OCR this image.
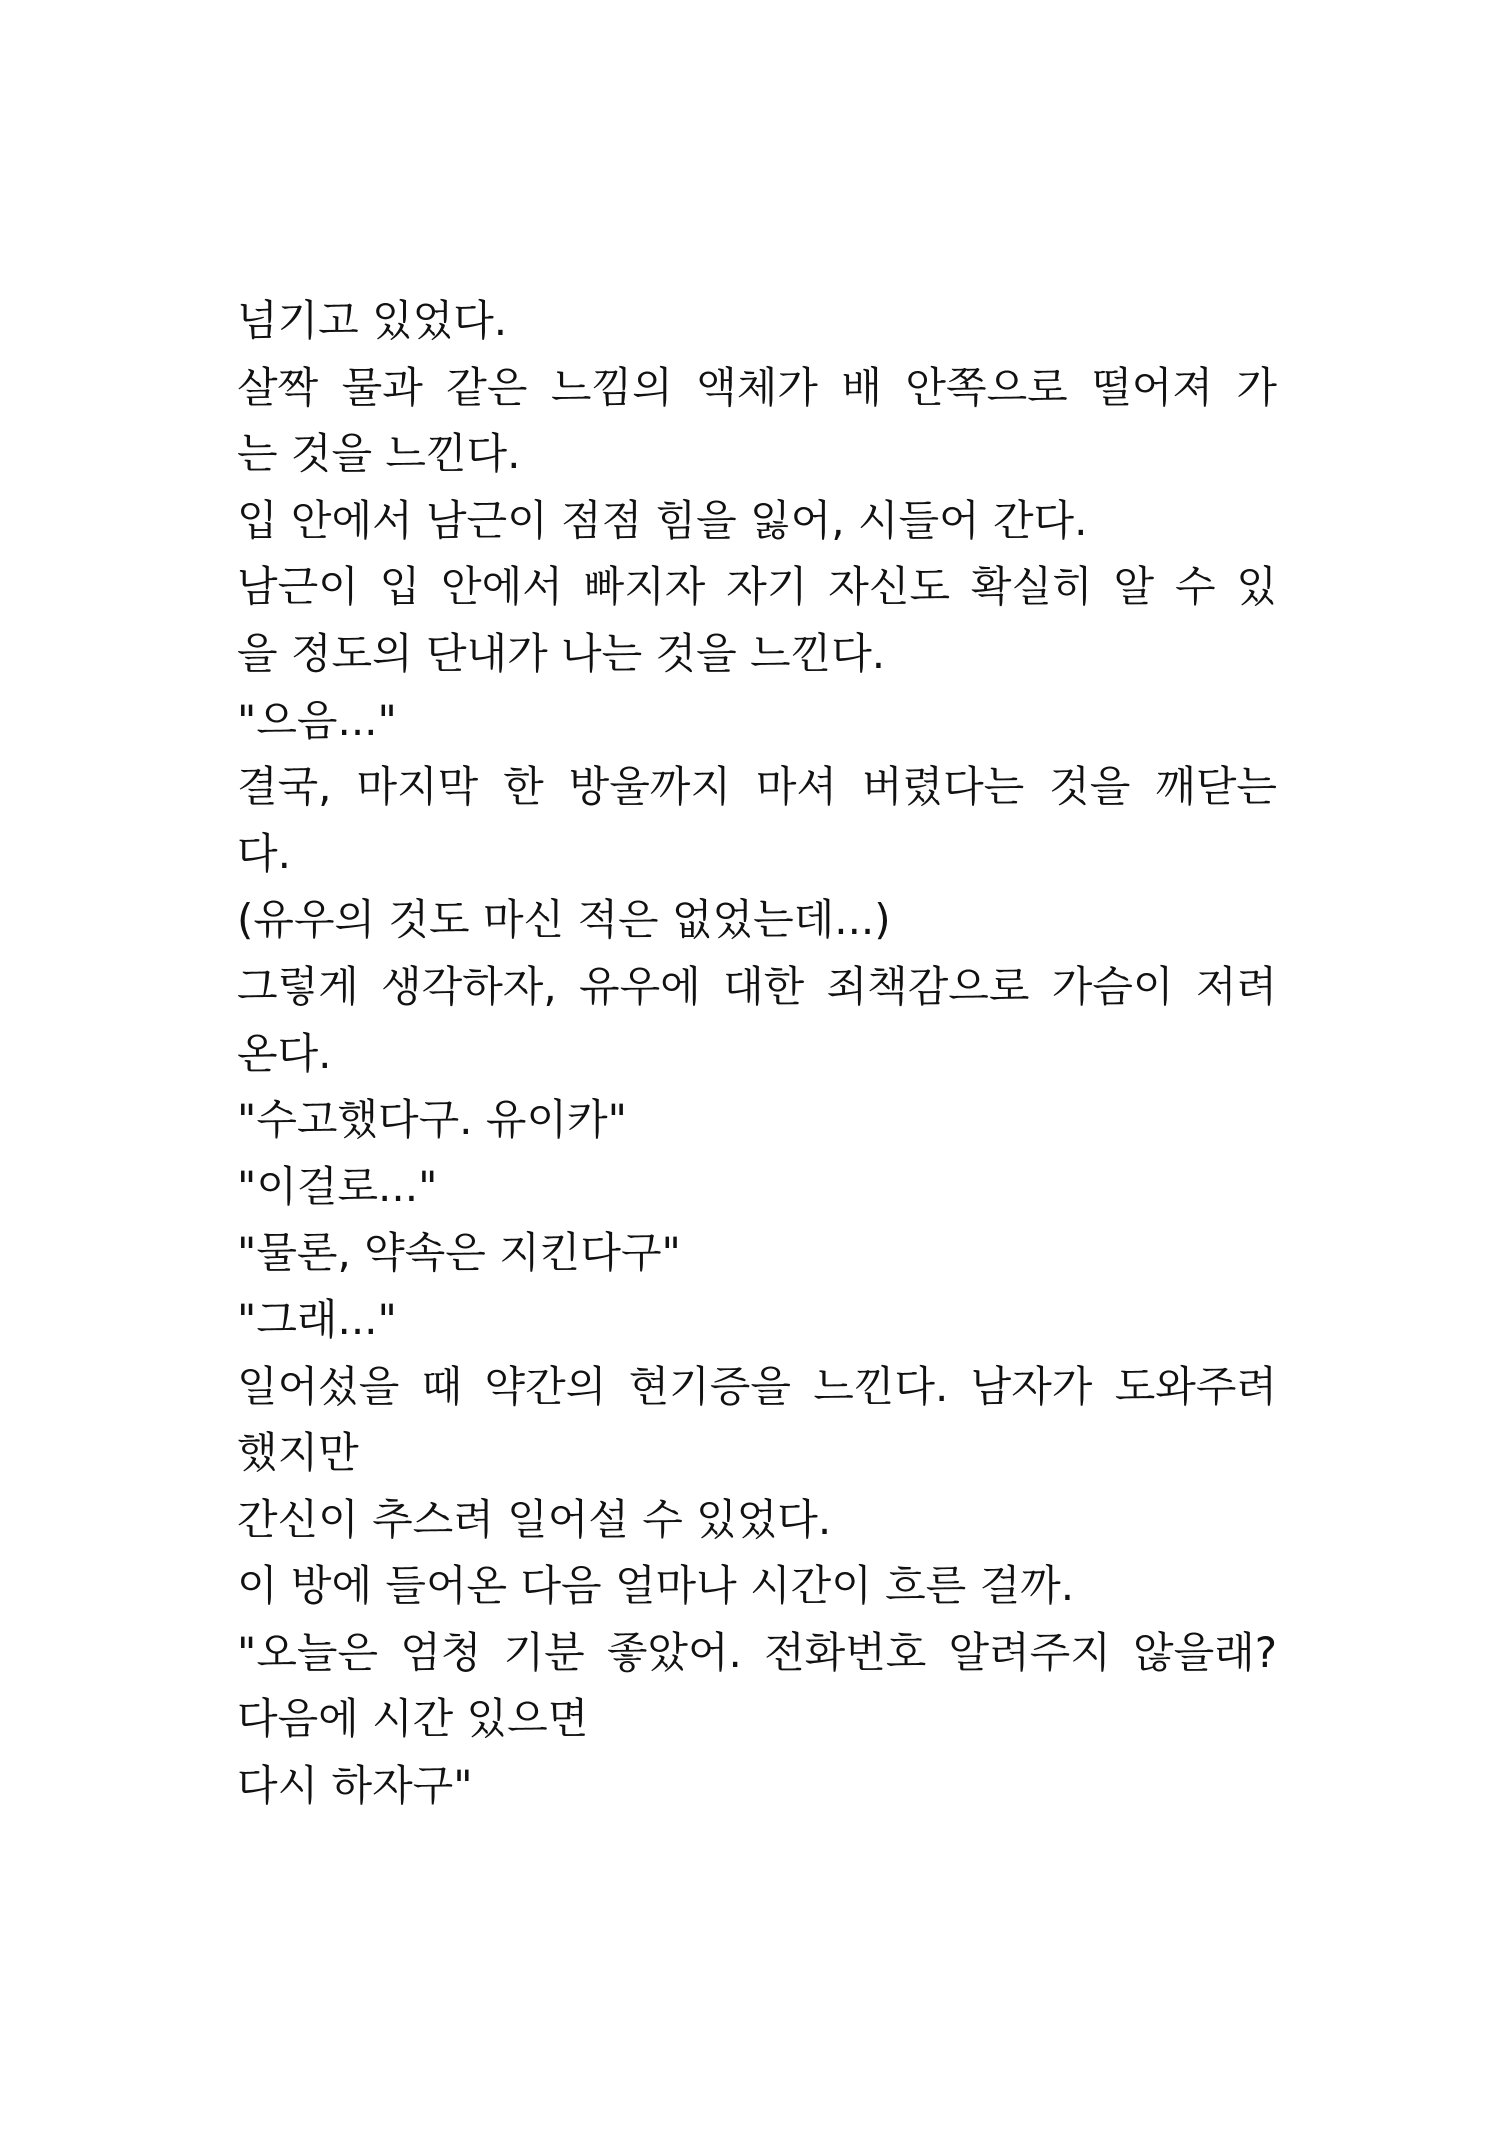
넘기고 있었다.
살짝 물과 같은 느낌의 액체가 배 안쪽으로 떨어져 가
는 것을 느낀다.
입 안에서 남근이 점점 힘을 잃어, 시들어 간다.
남근이 입 안에서 빠지자 자기 자신도 확실히 알 수 있
을 정도의 단내가 나는 것을 느낀다.
"으음..."
결국, 마지막 한 방울까지 마셔 버렸다는 것을 깨닫는
다.
(유우의 것도 마신 적은 없었는데...)
그렇게 생각하자, 유우에 대한 죄책감으로 가슴이 저려
온다.
"수고했다구. 유이카"
"이걸로..."
"물론, 약속은 지킨다구"
"그래..."
일어섰을 때 약간의 현기증을 느낀다. 남자가 도와주려
했지만
간신이 추스려 일어설 수 있었다.
이 방에 들어온 다음 얼마나 시간이 흐른 걸까.
"오늘은 엄청 기분 좋았어. 전화번호 알려주지 않을래?
다음에 시간 있으면
다시 하자구"
